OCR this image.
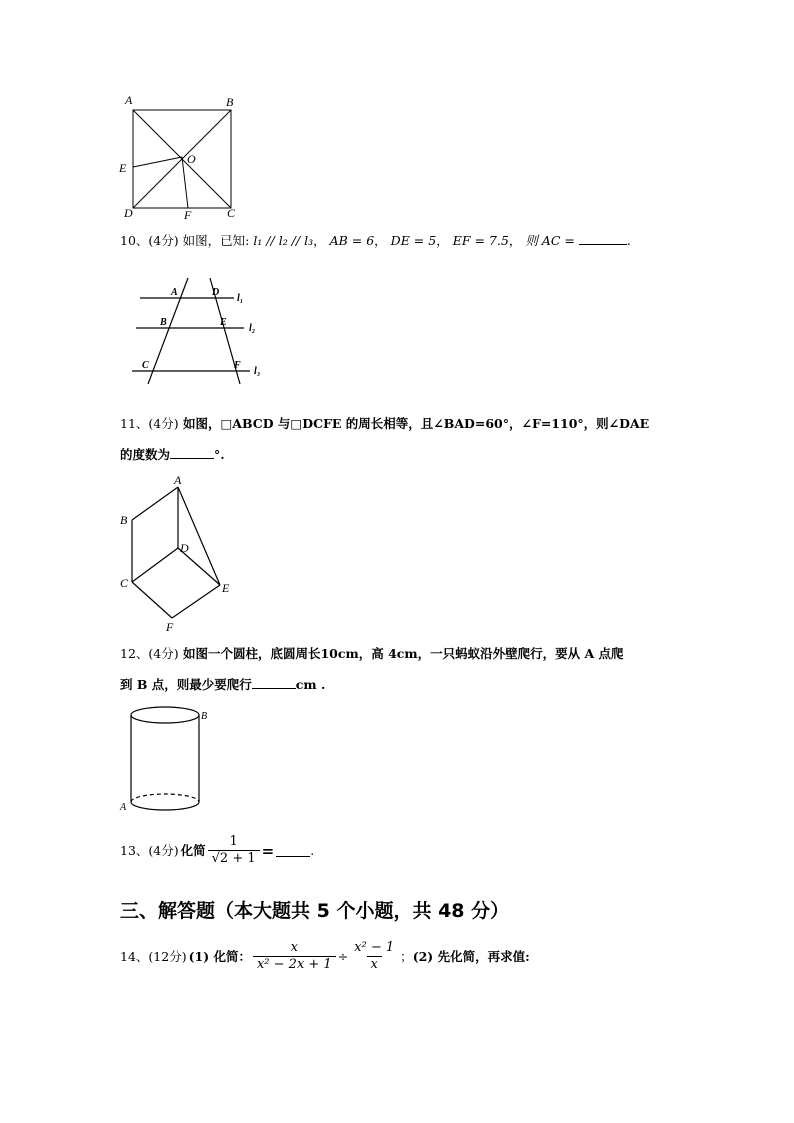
A	B
O
E
D	F	C
10、(4分) 如图，已知: l₁ // l₂ // l₃， AB = 6， DE = 5， EF = 7.5， 则 AC =	.
A	D
l₁
B	E
l₂
C	F
l₃
11、(4分) 如图，□ABCD 与□DCFE 的周长相等，且∠BAD=60°，∠F=110°，则∠DAE
的度数为	°.
A
B
D
C	E
F
12、(4分) 如图一个圆柱，底圆周长10cm，高 4cm，一只蚂蚁沿外壁爬行，要从 A 点爬
到 B 点，则最少要爬行	cm .
B
A
13、(4分) 化简 $\frac{1}{√2 + 1}$ =	.
三、解答题（本大题共 5 个小题，共 48 分）
14、(12分) (1) 化简： $\frac{x}{\text{x² − 2x + 1}} \div \frac{\text{x² − 1}}{x}$ ； (2) 先化简，再求值:
